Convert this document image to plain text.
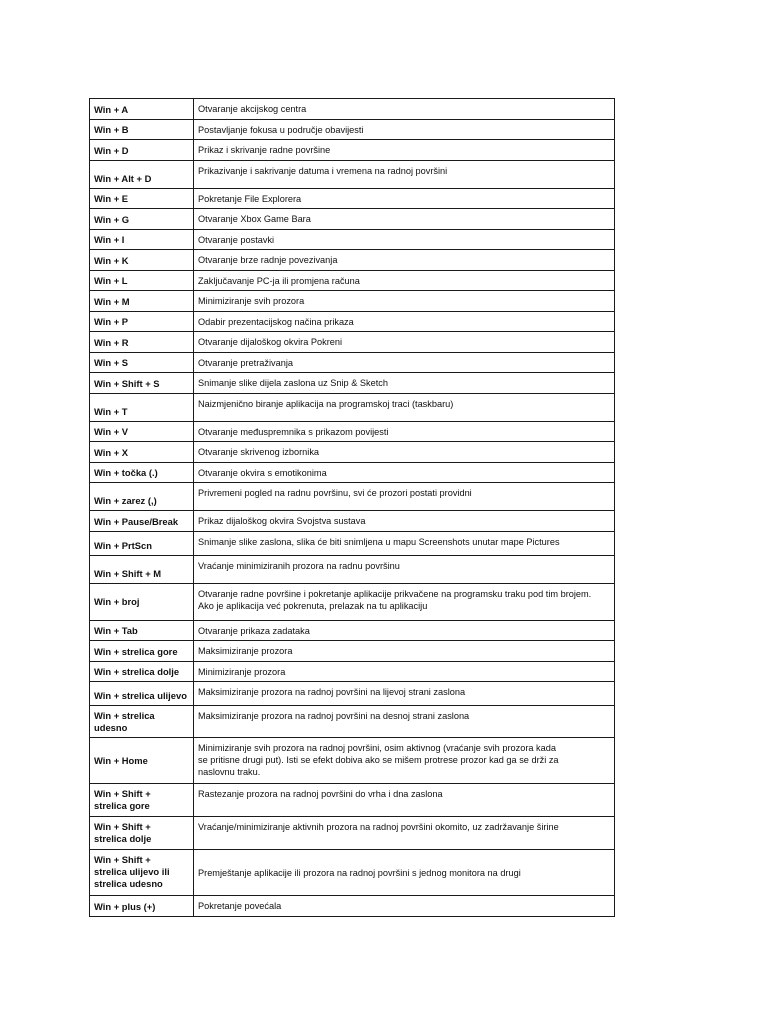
Win + A	Otvaranje akcijskog centra
Win + B	Postavljanje fokusa u područje obavijesti
Win + D	Prikaz i skrivanje radne površine
Win + Alt + D	Prikazivanje i sakrivanje datuma i vremena na radnoj površini
Win + E	Pokretanje File Explorera
Win + G	Otvaranje Xbox Game Bara
Win + I	Otvaranje postavki
Win + K	Otvaranje brze radnje povezivanja
Win + L	Zaključavanje PC-ja ili promjena računa
Win + M	Minimiziranje svih prozora
Win + P	Odabir prezentacijskog načina prikaza
Win + R	Otvaranje dijaloškog okvira Pokreni
Win + S	Otvaranje pretraživanja
Win + Shift + S	Snimanje slike dijela zaslona uz Snip & Sketch
Win + T	Naizmjenično biranje aplikacija na programskoj traci (taskbaru)
Win + V	Otvaranje međuspremnika s prikazom povijesti
Win + X	Otvaranje skrivenog izbornika
Win + točka (.)	Otvaranje okvira s emotikonima
Win + zarez (,)	Privremeni pogled na radnu površinu, svi će prozori postati providni
Win + Pause/Break	Prikaz dijaloškog okvira Svojstva sustava
Win + PrtScn	Snimanje slike zaslona, slika će biti snimljena u mapu Screenshots unutar mape Pictures
Win + Shift + M	Vraćanje minimiziranih prozora na radnu površinu
Win + broj	Otvaranje radne površine i pokretanje aplikacije prikvačene na programsku traku pod tim brojem.
Ako je aplikacija već pokrenuta, prelazak na tu aplikaciju
Win + Tab	Otvaranje prikaza zadataka
Win + strelica gore	Maksimiziranje prozora
Win + strelica dolje	Minimiziranje prozora
Win + strelica ulijevo	Maksimiziranje prozora na radnoj površini na lijevoj strani zaslona
Win + strelica udesno	Maksimiziranje prozora na radnoj površini na desnoj strani zaslona
Win + Home	Minimiziranje svih prozora na radnoj površini, osim aktivnog (vraćanje svih prozora kada
se pritisne drugi put). Isti se efekt dobiva ako se mišem protrese prozor kad ga se drži za
naslovnu traku.
Win + Shift +
strelica gore	Rastezanje prozora na radnoj površini do vrha i dna zaslona
Win + Shift +
strelica dolje	Vraćanje/minimiziranje aktivnih prozora na radnoj površini okomito, uz zadržavanje širine
Win + Shift +
strelica ulijevo ili
strelica udesno	Premještanje aplikacije ili prozora na radnoj površini s jednog monitora na drugi
Win + plus (+)	Pokretanje povećala
